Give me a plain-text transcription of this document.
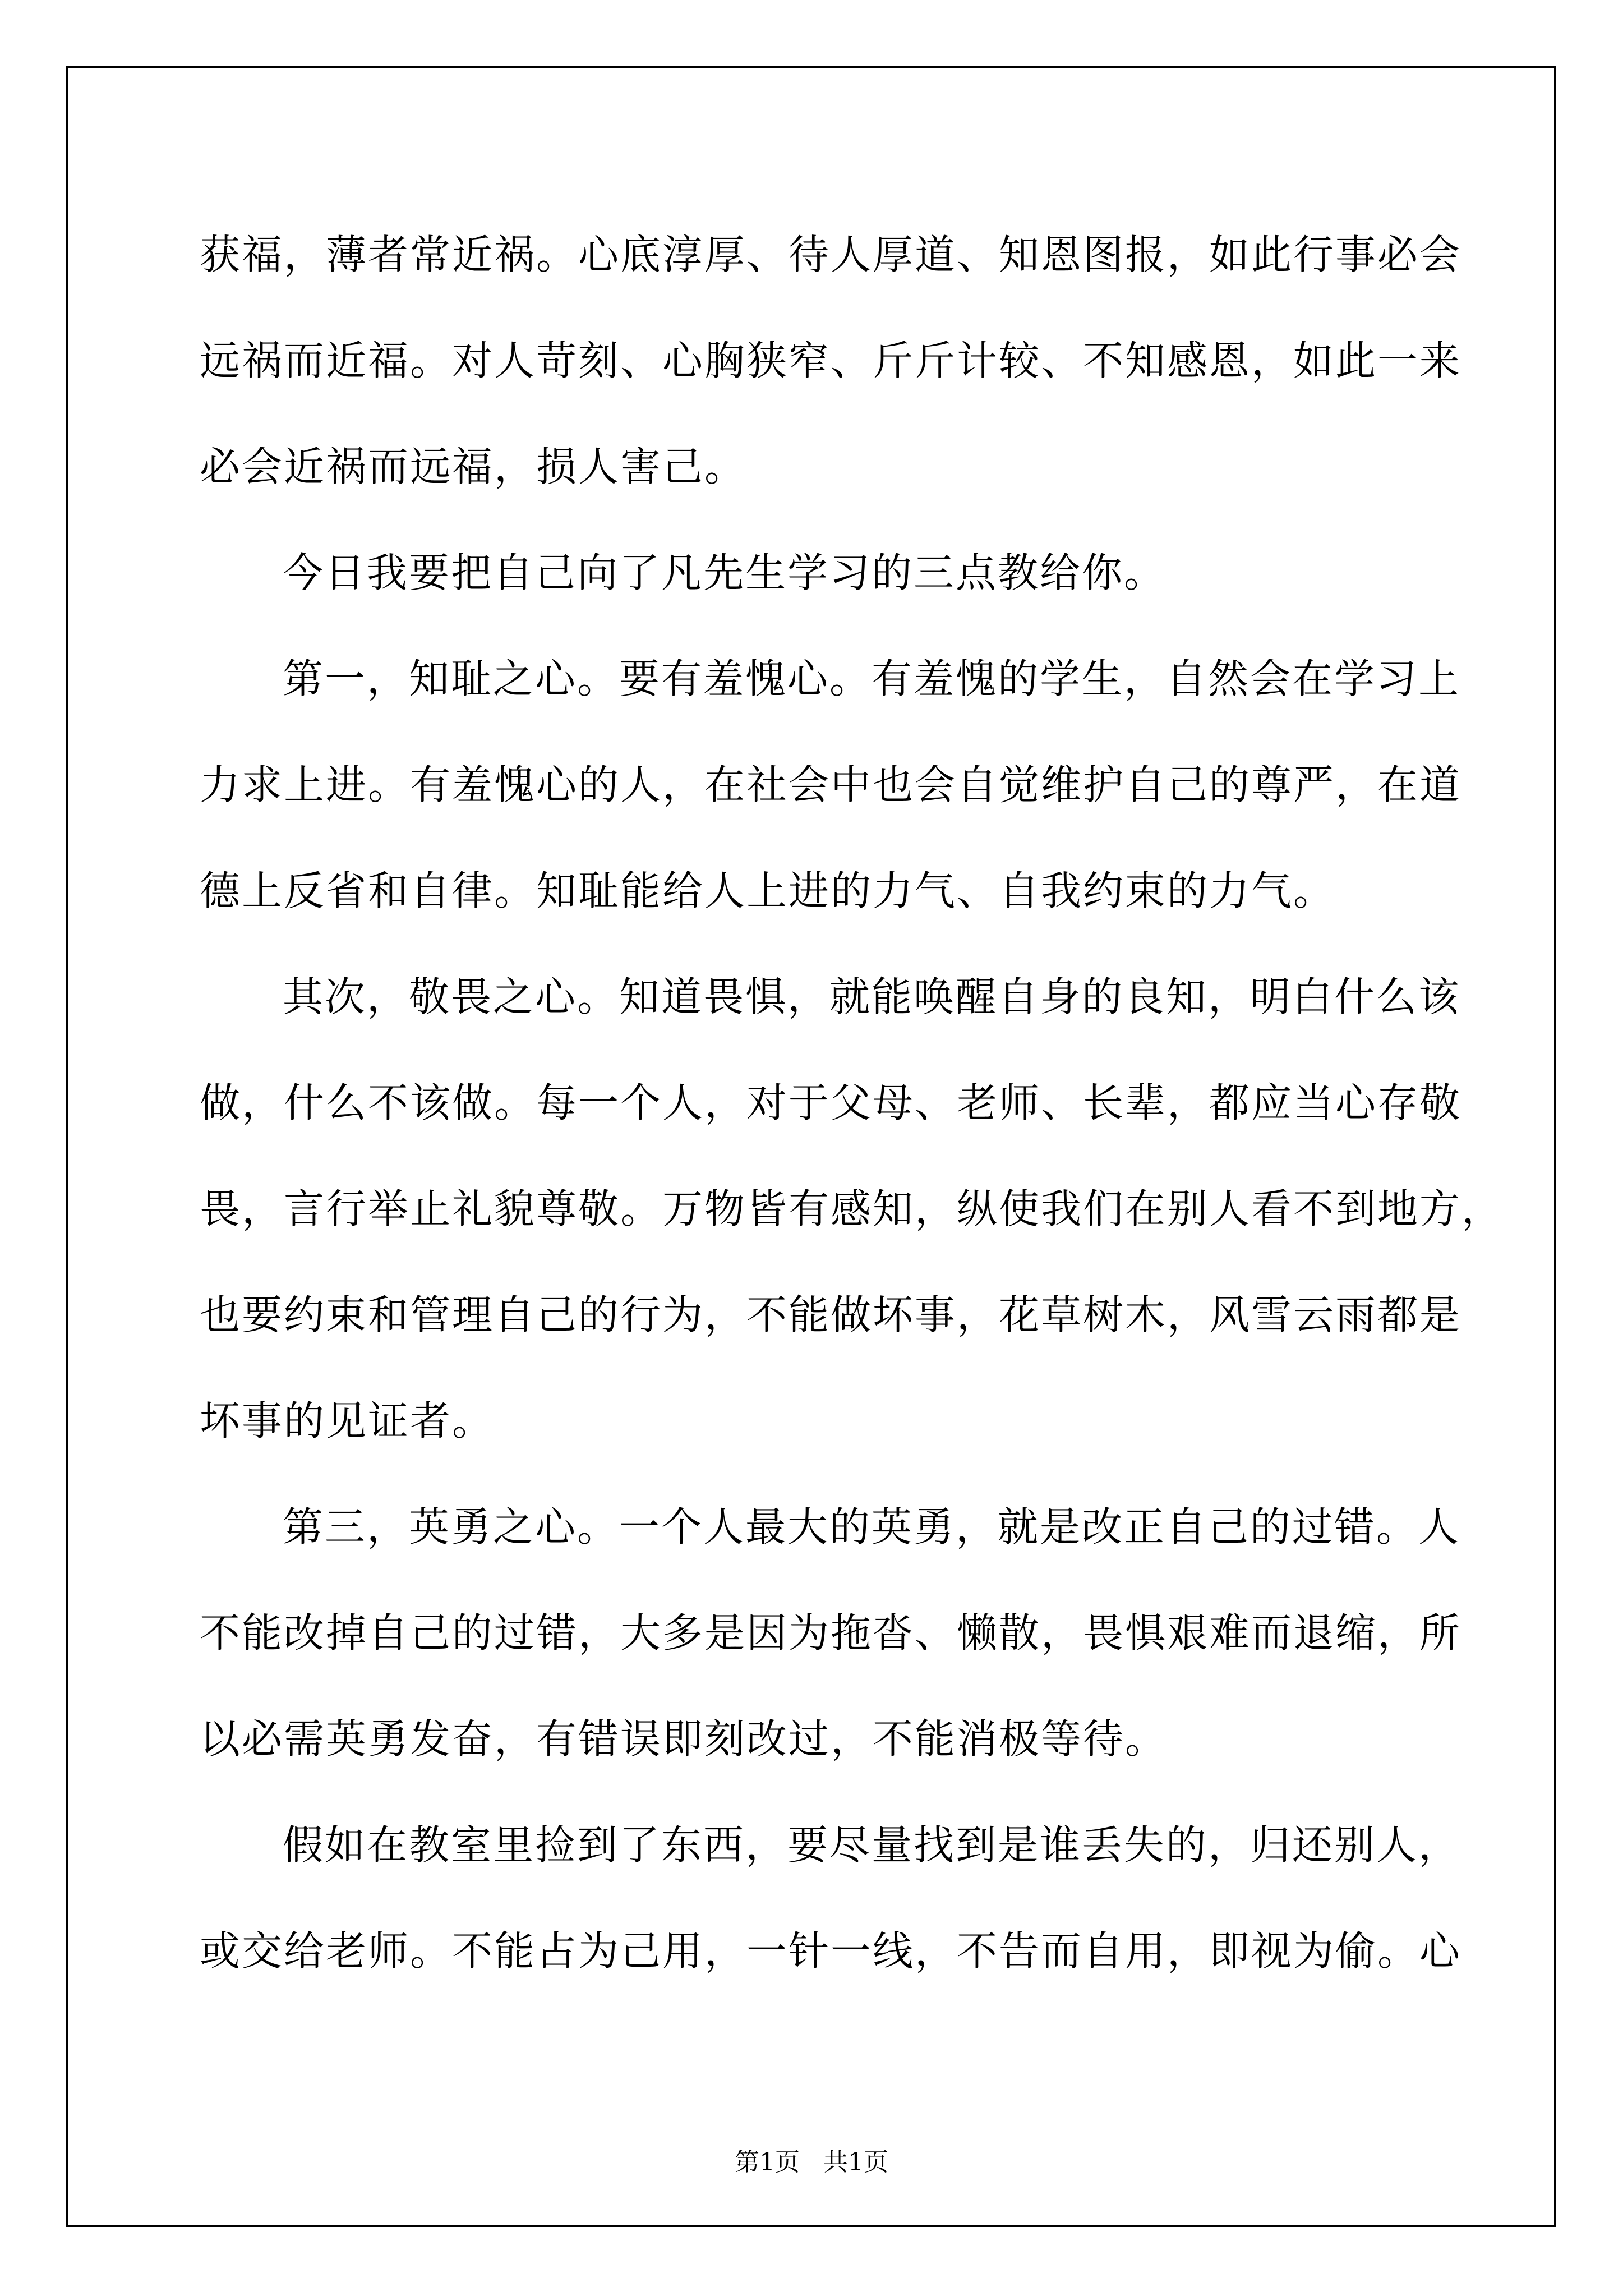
获福，薄者常近祸。心底淳厚、待人厚道、知恩图报，如此行事必会
远祸而近福。对人苛刻、心胸狭窄、斤斤计较、不知感恩，如此一来
必会近祸而远福，损人害己。
今日我要把自己向了凡先生学习的三点教给你。
第一，知耻之心。要有羞愧心。有羞愧的学生，自然会在学习上
力求上进。有羞愧心的人，在社会中也会自觉维护自己的尊严，在道
德上反省和自律。知耻能给人上进的力气、自我约束的力气。
其次，敬畏之心。知道畏惧，就能唤醒自身的良知，明白什么该
做，什么不该做。每一个人，对于父母、老师、长辈，都应当心存敬
畏，言行举止礼貌尊敬。万物皆有感知，纵使我们在别人看不到地方，
也要约束和管理自己的行为，不能做坏事，花草树木，风雪云雨都是
坏事的见证者。
第三，英勇之心。一个人最大的英勇，就是改正自己的过错。人
不能改掉自己的过错，大多是因为拖沓、懒散，畏惧艰难而退缩，所
以必需英勇发奋，有错误即刻改过，不能消极等待。
假如在教室里捡到了东西，要尽量找到是谁丢失的，归还别人，
或交给老师。不能占为己用，一针一线，不告而自用，即视为偷。心
第1页   共1页
